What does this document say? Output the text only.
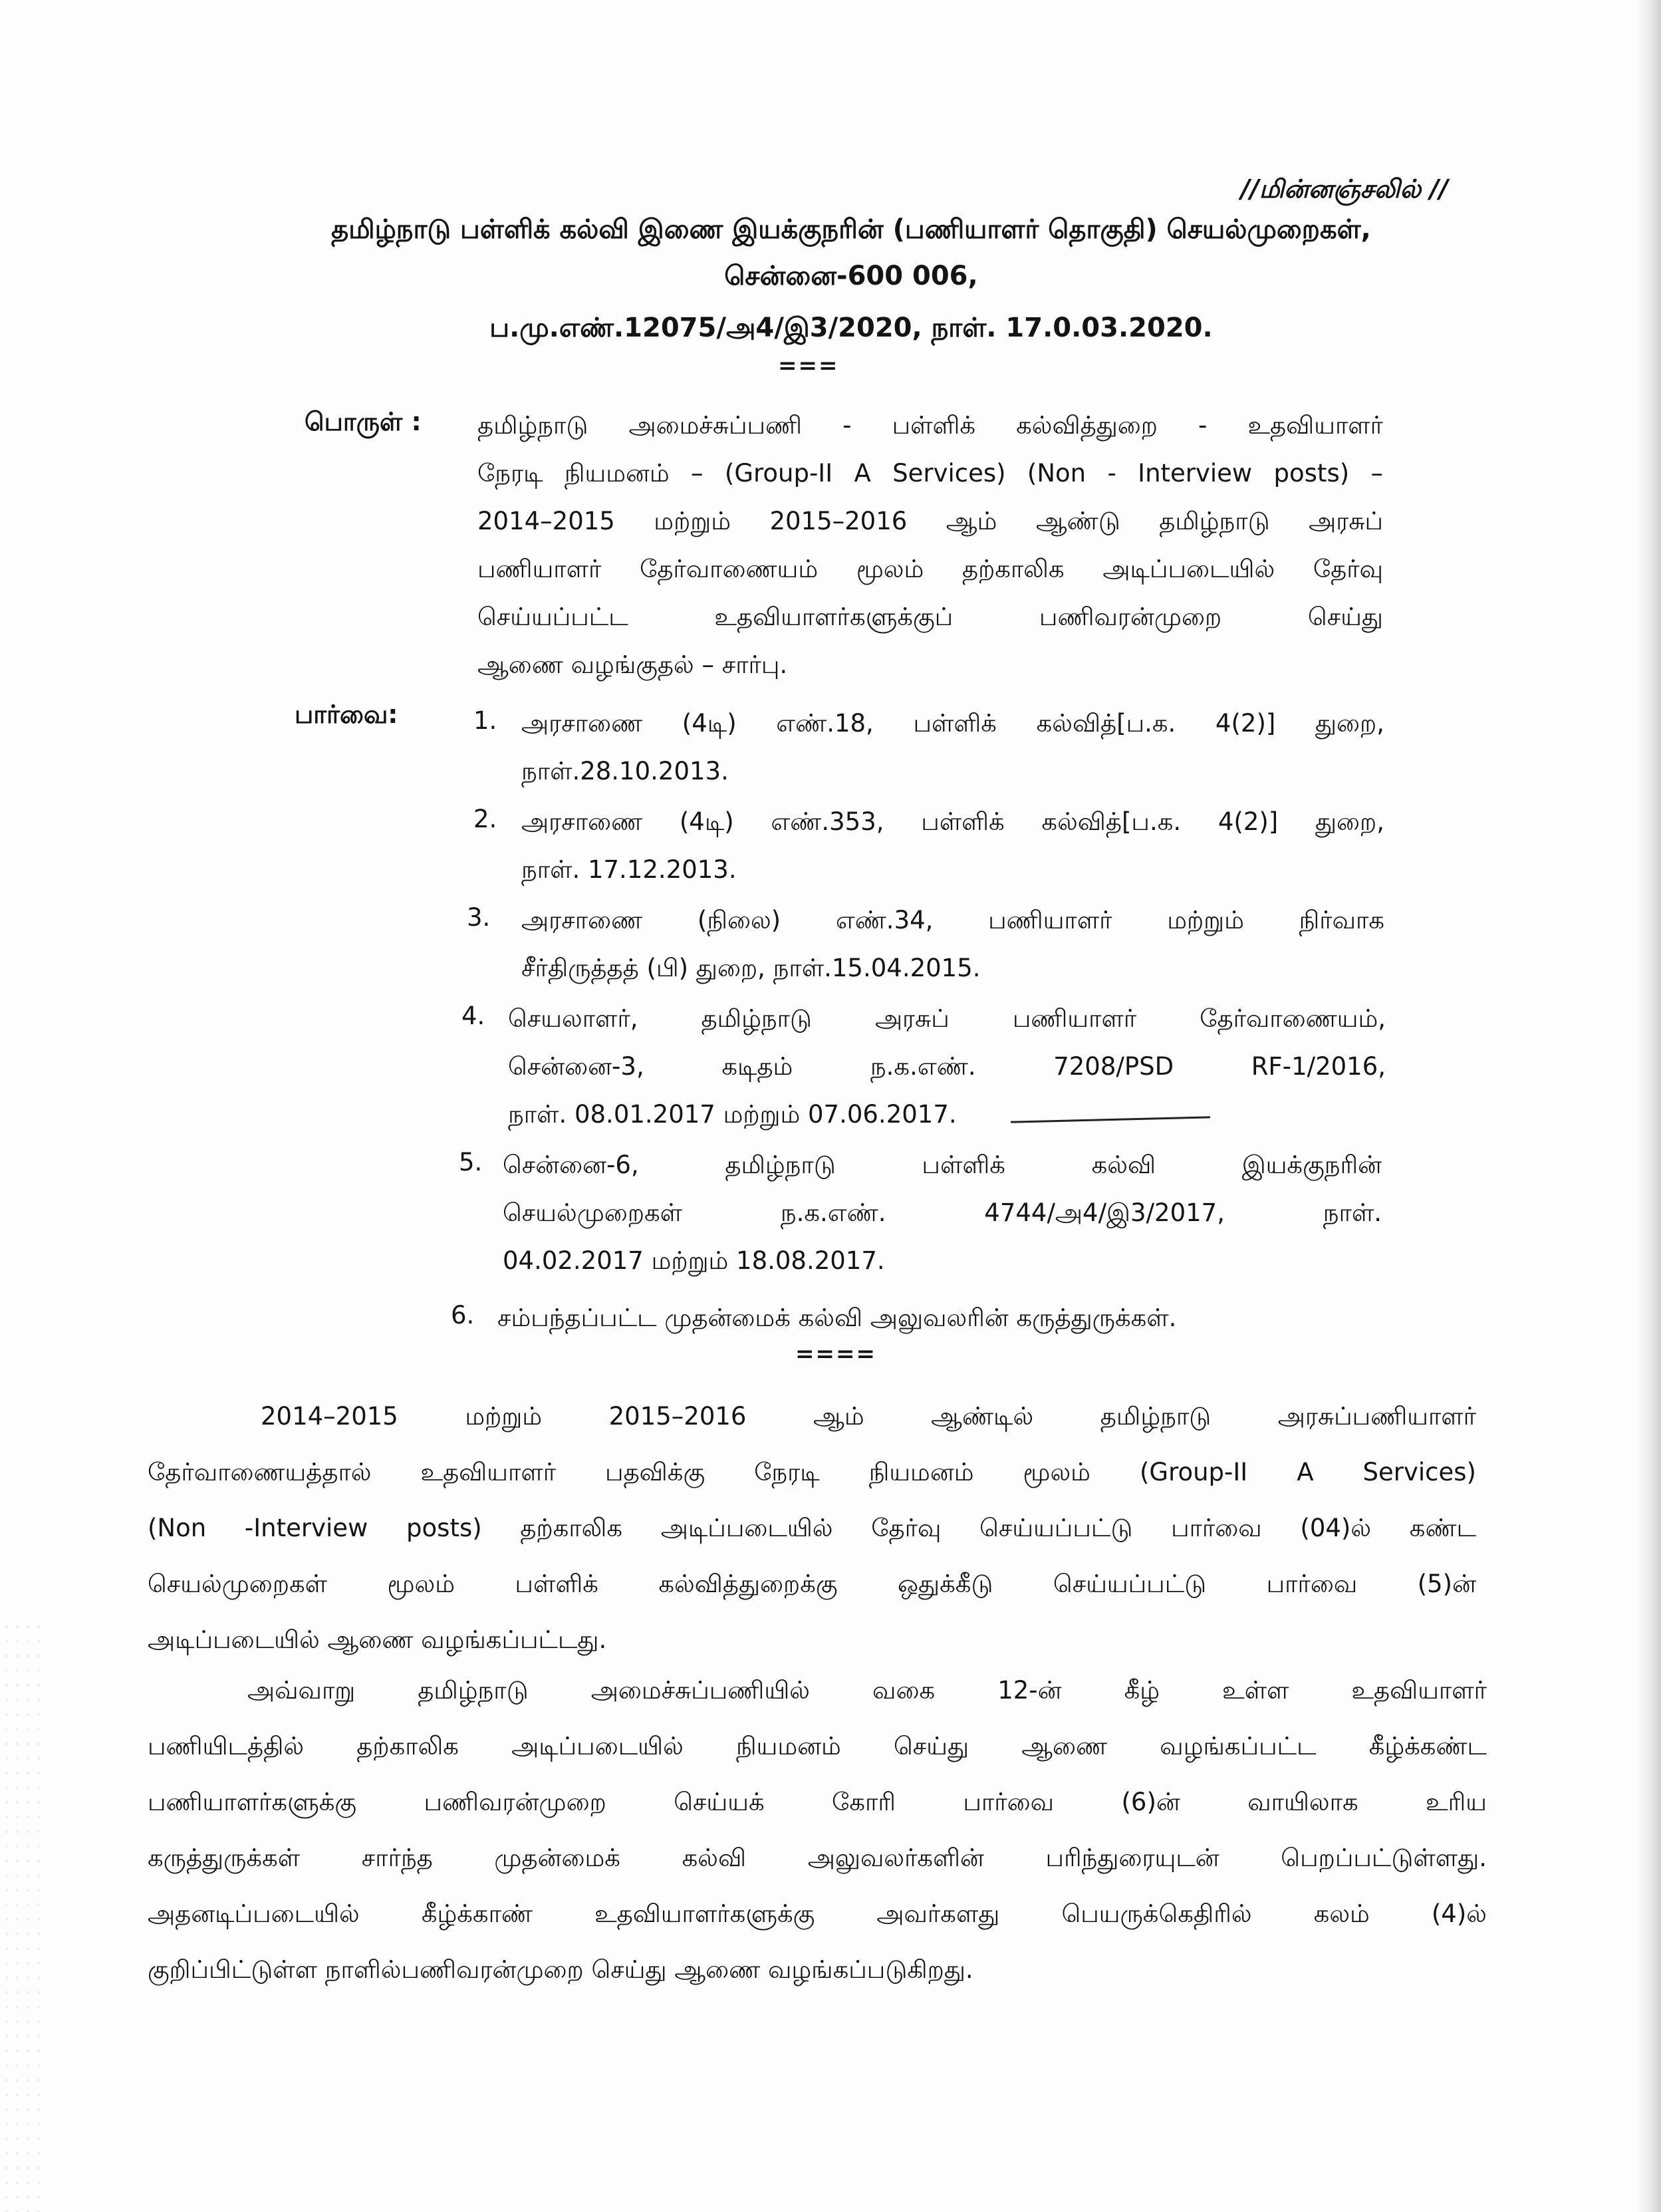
//மின்னஞ்சலில் //
தமிழ்நாடு பள்ளிக் கல்வி இணை இயக்குநரின் (பணியாளர் தொகுதி) செயல்முறைகள்,
சென்னை-600 006,
ப.மு.எண்.12075/அ4/இ3/2020, நாள். 17.0.03.2020.
===
பொருள் : தமிழ்நாடு அமைச்சுப்பணி - பள்ளிக் கல்வித்துறை - உதவியாளர்
நேரடி நியமனம் – (Group-II A Services) (Non - Interview posts) –
2014–2015 மற்றும் 2015–2016 ஆம் ஆண்டு தமிழ்நாடு அரசுப்
பணியாளர் தேர்வாணையம் மூலம் தற்காலிக அடிப்படையில் தேர்வு
செய்யப்பட்ட உதவியாளர்களுக்குப் பணிவரன்முறை செய்து
ஆணை வழங்குதல் – சார்பு.
பார்வை:	1. அரசாணை (4டி) எண்.18, பள்ளிக் கல்வித்[ப.க. 4(2)] துறை,
நாள்.28.10.2013.
2. அரசாணை (4டி) எண்.353, பள்ளிக் கல்வித்[ப.க. 4(2)] துறை,
நாள். 17.12.2013.
3.	அரசாணை (நிலை) எண்.34, பணியாளர் மற்றும் நிர்வாக
சீர்திருத்தத் (பி) துறை, நாள்.15.04.2015.
4. செயலாளர், தமிழ்நாடு அரசுப் பணியாளர் தேர்வாணையம்,
சென்னை-3, கடிதம் ந.க.எண். 7208/PSD RF-1/2016,
நாள். 08.01.2017 மற்றும் 07.06.2017.
5. சென்னை-6, தமிழ்நாடு பள்ளிக் கல்வி இயக்குநரின்
செயல்முறைகள் ந.க.எண். 4744/அ4/இ3/2017, நாள்.
04.02.2017 மற்றும் 18.08.2017.
6. சம்பந்தப்பட்ட முதன்மைக் கல்வி அலுவலரின் கருத்துருக்கள்.
====
2014–2015 மற்றும் 2015–2016 ஆம் ஆண்டில் தமிழ்நாடு அரசுப்பணியாளர்
தேர்வாணையத்தால் உதவியாளர் பதவிக்கு நேரடி நியமனம் மூலம் (Group-II A Services)
(Non -Interview posts) தற்காலிக அடிப்படையில் தேர்வு செய்யப்பட்டு பார்வை (04)ல் கண்ட
செயல்முறைகள் மூலம் பள்ளிக் கல்வித்துறைக்கு ஒதுக்கீடு செய்யப்பட்டு பார்வை (5)ன்
அடிப்படையில் ஆணை வழங்கப்பட்டது.
அவ்வாறு தமிழ்நாடு அமைச்சுப்பணியில் வகை 12-ன் கீழ் உள்ள உதவியாளர்
பணியிடத்தில் தற்காலிக அடிப்படையில் நியமனம் செய்து ஆணை வழங்கப்பட்ட கீழ்க்கண்ட
பணியாளர்களுக்கு பணிவரன்முறை செய்யக் கோரி பார்வை (6)ன் வாயிலாக உரிய
கருத்துருக்கள் சார்ந்த முதன்மைக் கல்வி அலுவலர்களின் பரிந்துரையுடன் பெறப்பட்டுள்ளது.
அதனடிப்படையில் கீழ்க்காண் உதவியாளர்களுக்கு அவர்களது பெயருக்கெதிரில் கலம் (4)ல்
குறிப்பிட்டுள்ள நாளில்பணிவரன்முறை செய்து ஆணை வழங்கப்படுகிறது.
